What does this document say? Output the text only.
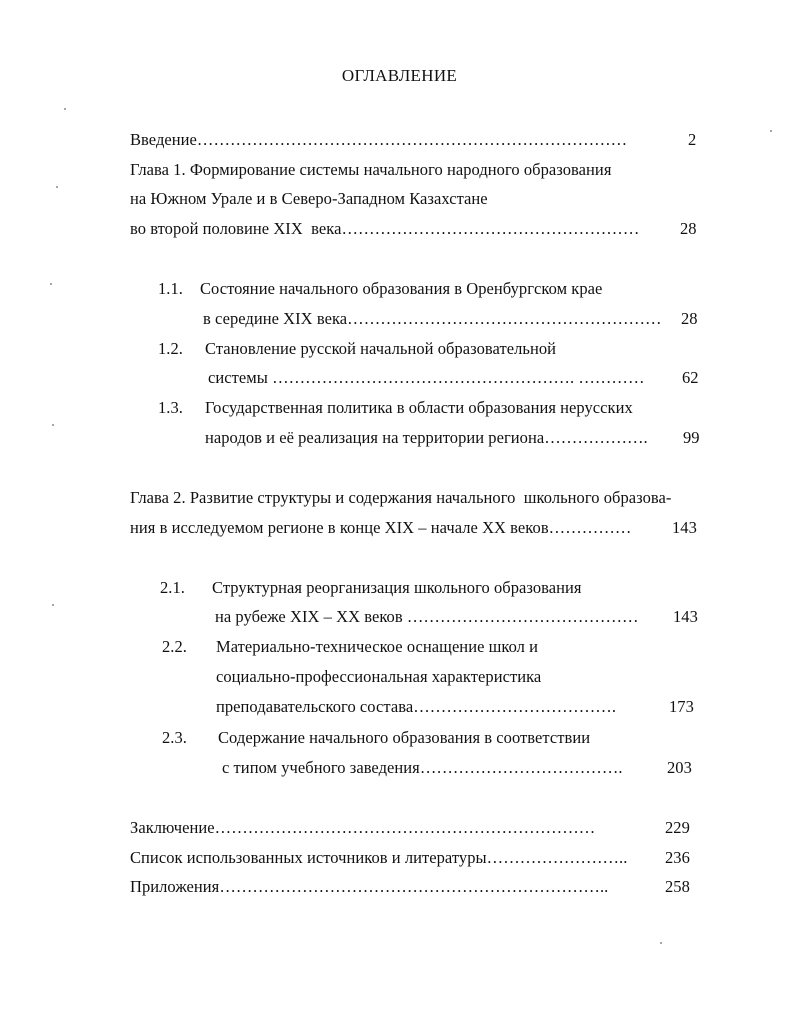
ОГЛАВЛЕНИЕ
Введение……………………………………………………………………	2
Глава 1. Формирование системы начального народного образования
на Южном Урале и в Северо-Западном Казахстане
во второй половине XIX  века……………………………………………… 28
1.1. Состояние начального образования в Оренбургском крае
в середине XIX века………………………………………………… 28
1.2. Становление русской начальной образовательной
системы ………………………………………………. ………… 62
1.3. Государственная политика в области образования нерусских
народов и её реализация на территории региона………………. 99
Глава 2. Развитие структуры и содержания начального  школьного образова-
ния в исследуемом регионе в конце XIX – начале XX веков…………… 143
2.1. Структурная реорганизация школьного образования
на рубеже XIX – XX веков …………………………………… 143
2.2. Материально-техническое оснащение школ и
социально-профессиональная характеристика
преподавательского состава……………………………….	173
2.3. Содержание начального образования в соответствии
с типом учебного заведения……………………………….	203
Заключение……………………………………………………………	229
Список использованных источников и литературы…………………….. 236
Приложения……………………………………………………………..	258
